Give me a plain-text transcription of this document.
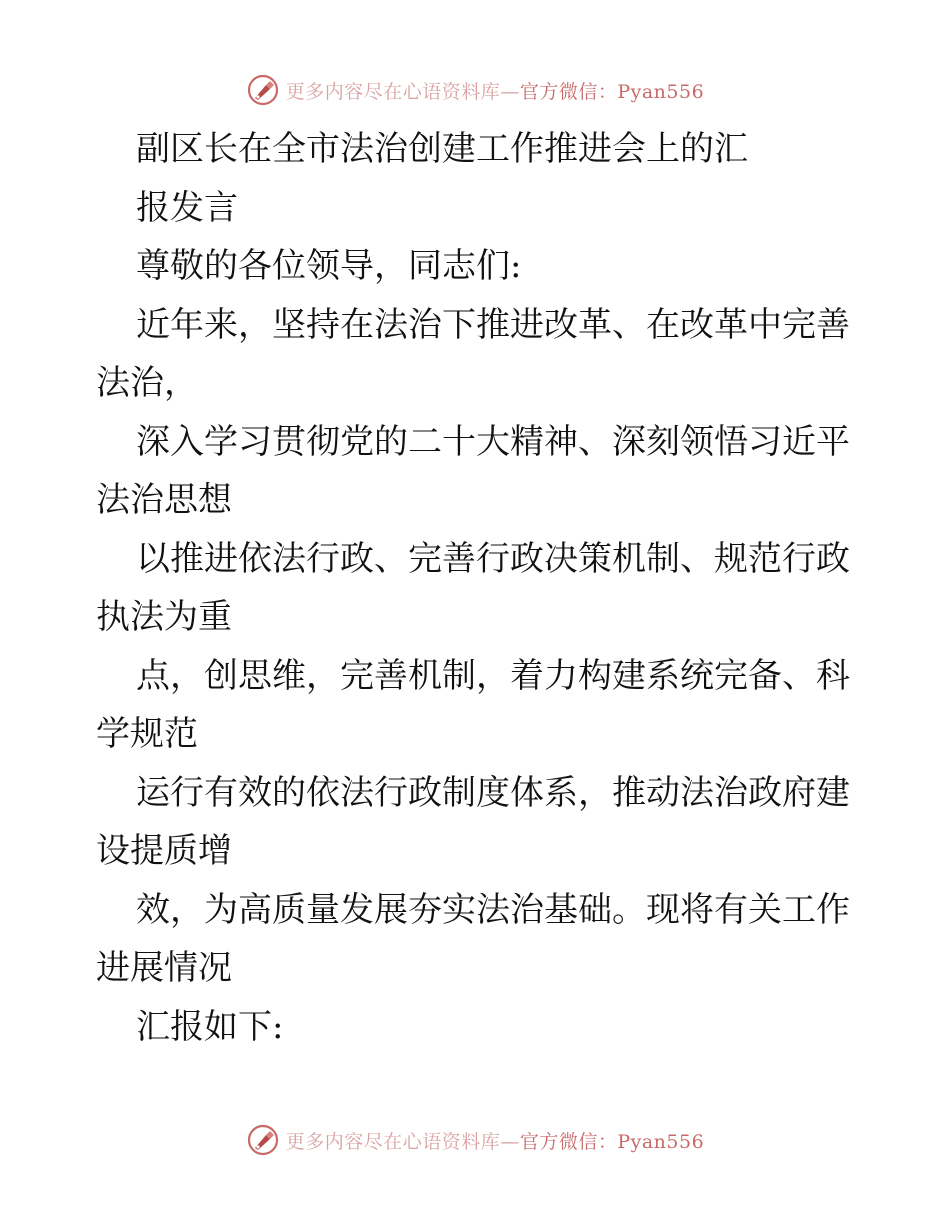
更多内容尽在心语资料库—官方微信：Pyan556
副区长在全市法治创建工作推进会上的汇
报发言
尊敬的各位领导，同志们:
近年来，坚持在法治下推进改革、在改革中完善
法治，
深入学习贯彻党的二十大精神、深刻领悟习近平
法治思想
以推进依法行政、完善行政决策机制、规范行政
执法为重
点，创思维，完善机制，着力构建系统完备、科
学规范
运行有效的依法行政制度体系，推动法治政府建
设提质增
效，为高质量发展夯实法治基础。现将有关工作
进展情况
汇报如下:
更多内容尽在心语资料库—官方微信：Pyan556
